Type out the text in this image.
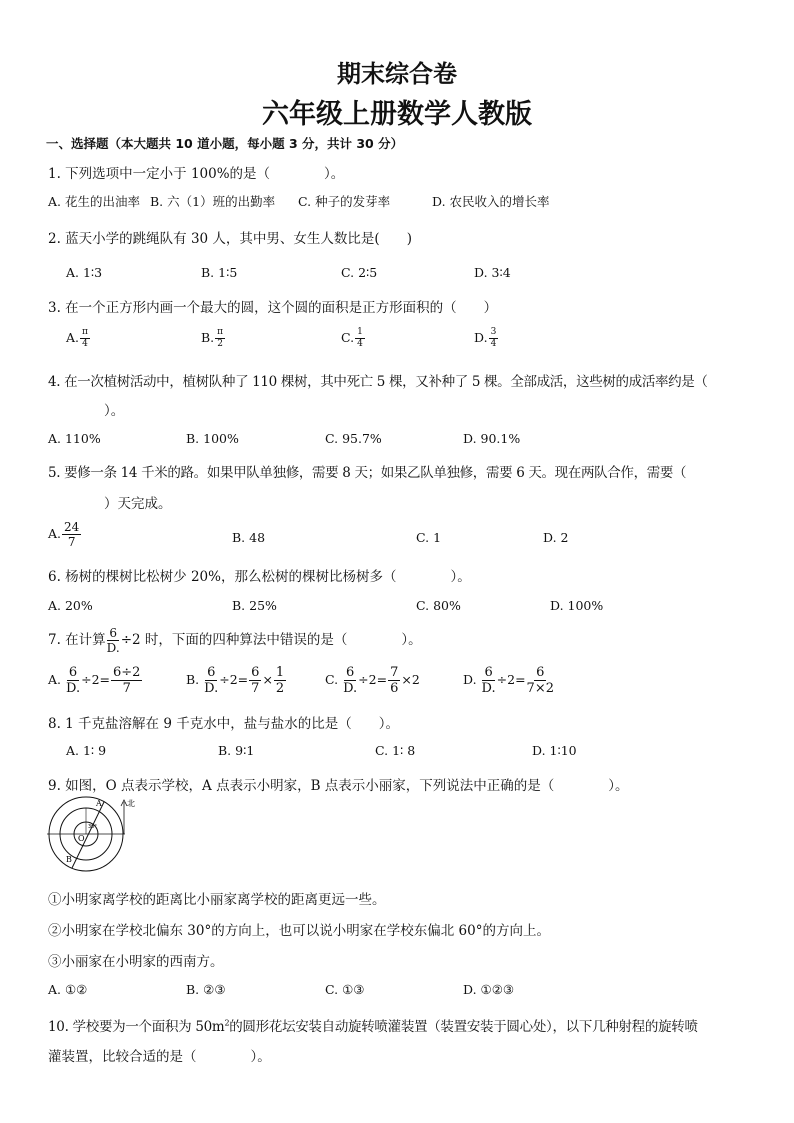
期末综合卷
六年级上册数学人教版
一、选择题（本大题共 10 道小题，每小题 3 分，共计 30 分）
1. 下列选项中一定小于 100%的是（　　　　）。
A. 花生的出油率 B. 六（1）班的出勤率 C. 种子的发芽率	D. 农民收入的增长率
2. 蓝天小学的跳绳队有 30 人，其中男、女生人数比是(　　)
A. 1∶3	B. 1∶5	C. 2∶5	D. 3∶4
3. 在一个正方形内画一个最大的圆，这个圆的面积是正方形面积的（　　）
A. $\frac{\pi}{4}$	B. $\frac{\pi}{2}$	C. $\frac{1}{4}$	D. $\frac{3}{4}$
4. 在一次植树活动中，植树队种了 110 棵树，其中死亡 5 棵，又补种了 5 棵。全部成活，这些树的成活率约是（
）。
A. 110%	B. 100%	C. 95.7%	D. 90.1%
5. 要修一条 14 千米的路。如果甲队单独修，需要 8 天；如果乙队单独修，需要 6 天。现在两队合作，需要（
）天完成。
A. $\frac{24}{7}$	B. 48	C. 1	D. 2
6. 杨树的棵树比松树少 20%，那么松树的棵树比杨树多（　　　　）。
A. 20%	B. 25%	C. 80%	D. 100%
7. 在计算 $\frac{6}{D.} \div 2$ 时，下面的四种算法中错误的是（　　　　）。
A. $\frac{6}{D.} \div 2= \frac{6\div 2}{7}$	B. $\frac{6}{D.} \div 2= \frac{6}{7} \times \frac{1}{2}$	C. $\frac{6}{D.} \div 2= \frac{7}{6} \times 2$	D. $\frac{6}{D.} \div 2= \frac{6}{7\times 2}$
8. 1 千克盐溶解在 9 千克水中，盐与盐水的比是（　　）。
A. 1∶ 9	B. 9∶1	C. 1∶ 8	D. 1∶10
9. 如图，O 点表示学校，A 点表示小明家，B 点表示小丽家，下列说法中正确的是（　　　　）。
北
A
B
O
30°
①小明家离学校的距离比小丽家离学校的距离更远一些。
②小明家在学校北偏东 30°的方向上，也可以说小明家在学校东偏北 60°的方向上。
③小丽家在小明家的西南方。
A. ①②	B. ②③	C. ①③	D. ①②③
10. 学校要为一个面积为 $50m^2$的圆形花坛安装自动旋转喷灌装置（装置安装于圆心处），以下几种射程的旋转喷
灌装置，比较合适的是（　　　　）。
